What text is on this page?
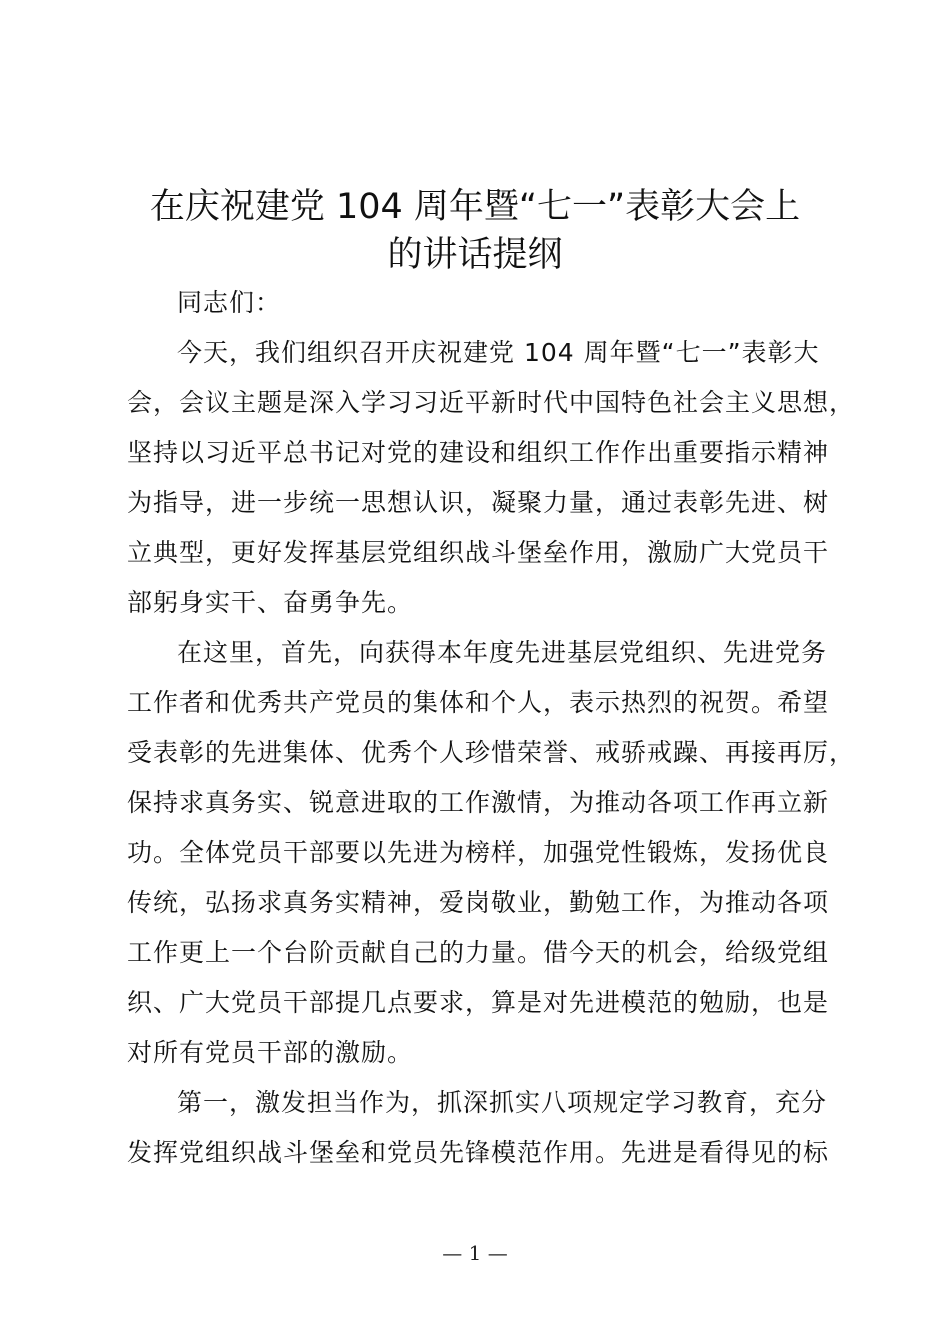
在庆祝建党 104 周年暨“七一”表彰大会上
的讲话提纲
同志们：
今天，我们组织召开庆祝建党 104 周年暨“七一”表彰大
会，会议主题是深入学习习近平新时代中国特色社会主义思想，
坚持以习近平总书记对党的建设和组织工作作出重要指示精神
为指导，进一步统一思想认识，凝聚力量，通过表彰先进、树
立典型，更好发挥基层党组织战斗堡垒作用，激励广大党员干
部躬身实干、奋勇争先。
在这里，首先，向获得本年度先进基层党组织、先进党务
工作者和优秀共产党员的集体和个人，表示热烈的祝贺。希望
受表彰的先进集体、优秀个人珍惜荣誉、戒骄戒躁、再接再厉，
保持求真务实、锐意进取的工作激情，为推动各项工作再立新
功。全体党员干部要以先进为榜样，加强党性锻炼，发扬优良
传统，弘扬求真务实精神，爱岗敬业，勤勉工作，为推动各项
工作更上一个台阶贡献自己的力量。借今天的机会，给级党组
织、广大党员干部提几点要求，算是对先进模范的勉励，也是
对所有党员干部的激励。
第一，激发担当作为，抓深抓实八项规定学习教育，充分
发挥党组织战斗堡垒和党员先锋模范作用。先进是看得见的标
— 1 —
